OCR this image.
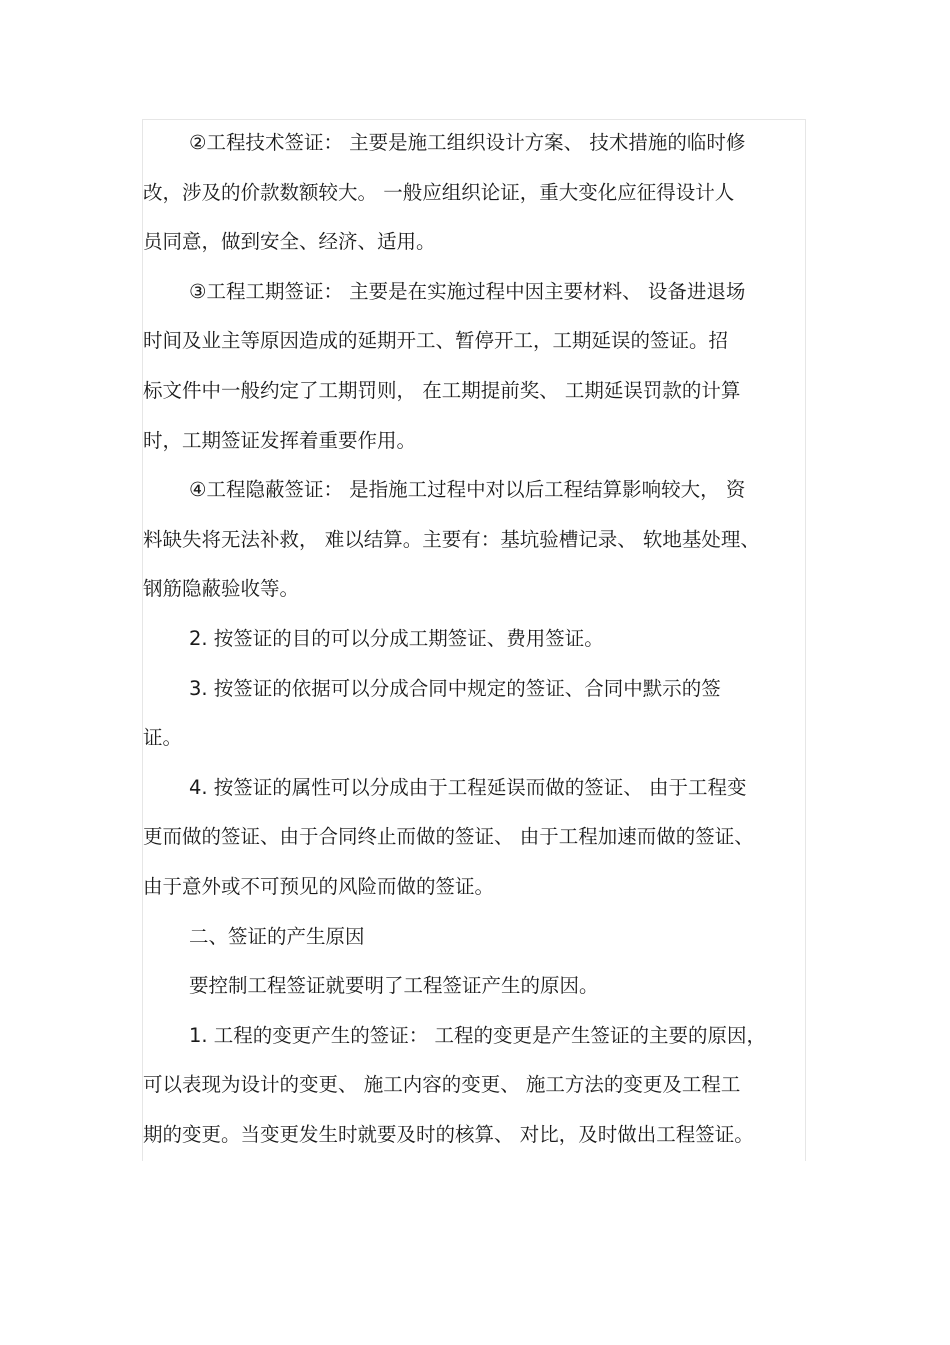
②工程技术签证： 主要是施工组织设计方案、 技术措施的临时修
改，涉及的价款数额较大。 一般应组织论证，重大变化应征得设计人
员同意，做到安全、经济、适用。

③工程工期签证： 主要是在实施过程中因主要材料、 设备进退场
时间及业主等原因造成的延期开工、暂停开工，工期延误的签证。招
标文件中一般约定了工期罚则， 在工期提前奖、 工期延误罚款的计算
时，工期签证发挥着重要作用。

④工程隐蔽签证： 是指施工过程中对以后工程结算影响较大， 资
料缺失将无法补救， 难以结算。主要有：基坑验槽记录、 软地基处理、
钢筋隐蔽验收等。

2. 按签证的目的可以分成工期签证、费用签证。

3. 按签证的依据可以分成合同中规定的签证、合同中默示的签
证。

4. 按签证的属性可以分成由于工程延误而做的签证、 由于工程变
更而做的签证、由于合同终止而做的签证、 由于工程加速而做的签证、
由于意外或不可预见的风险而做的签证。

二、签证的产生原因

要控制工程签证就要明了工程签证产生的原因。

1. 工程的变更产生的签证： 工程的变更是产生签证的主要的原因，
可以表现为设计的变更、 施工内容的变更、 施工方法的变更及工程工
期的变更。当变更发生时就要及时的核算、 对比，及时做出工程签证。
